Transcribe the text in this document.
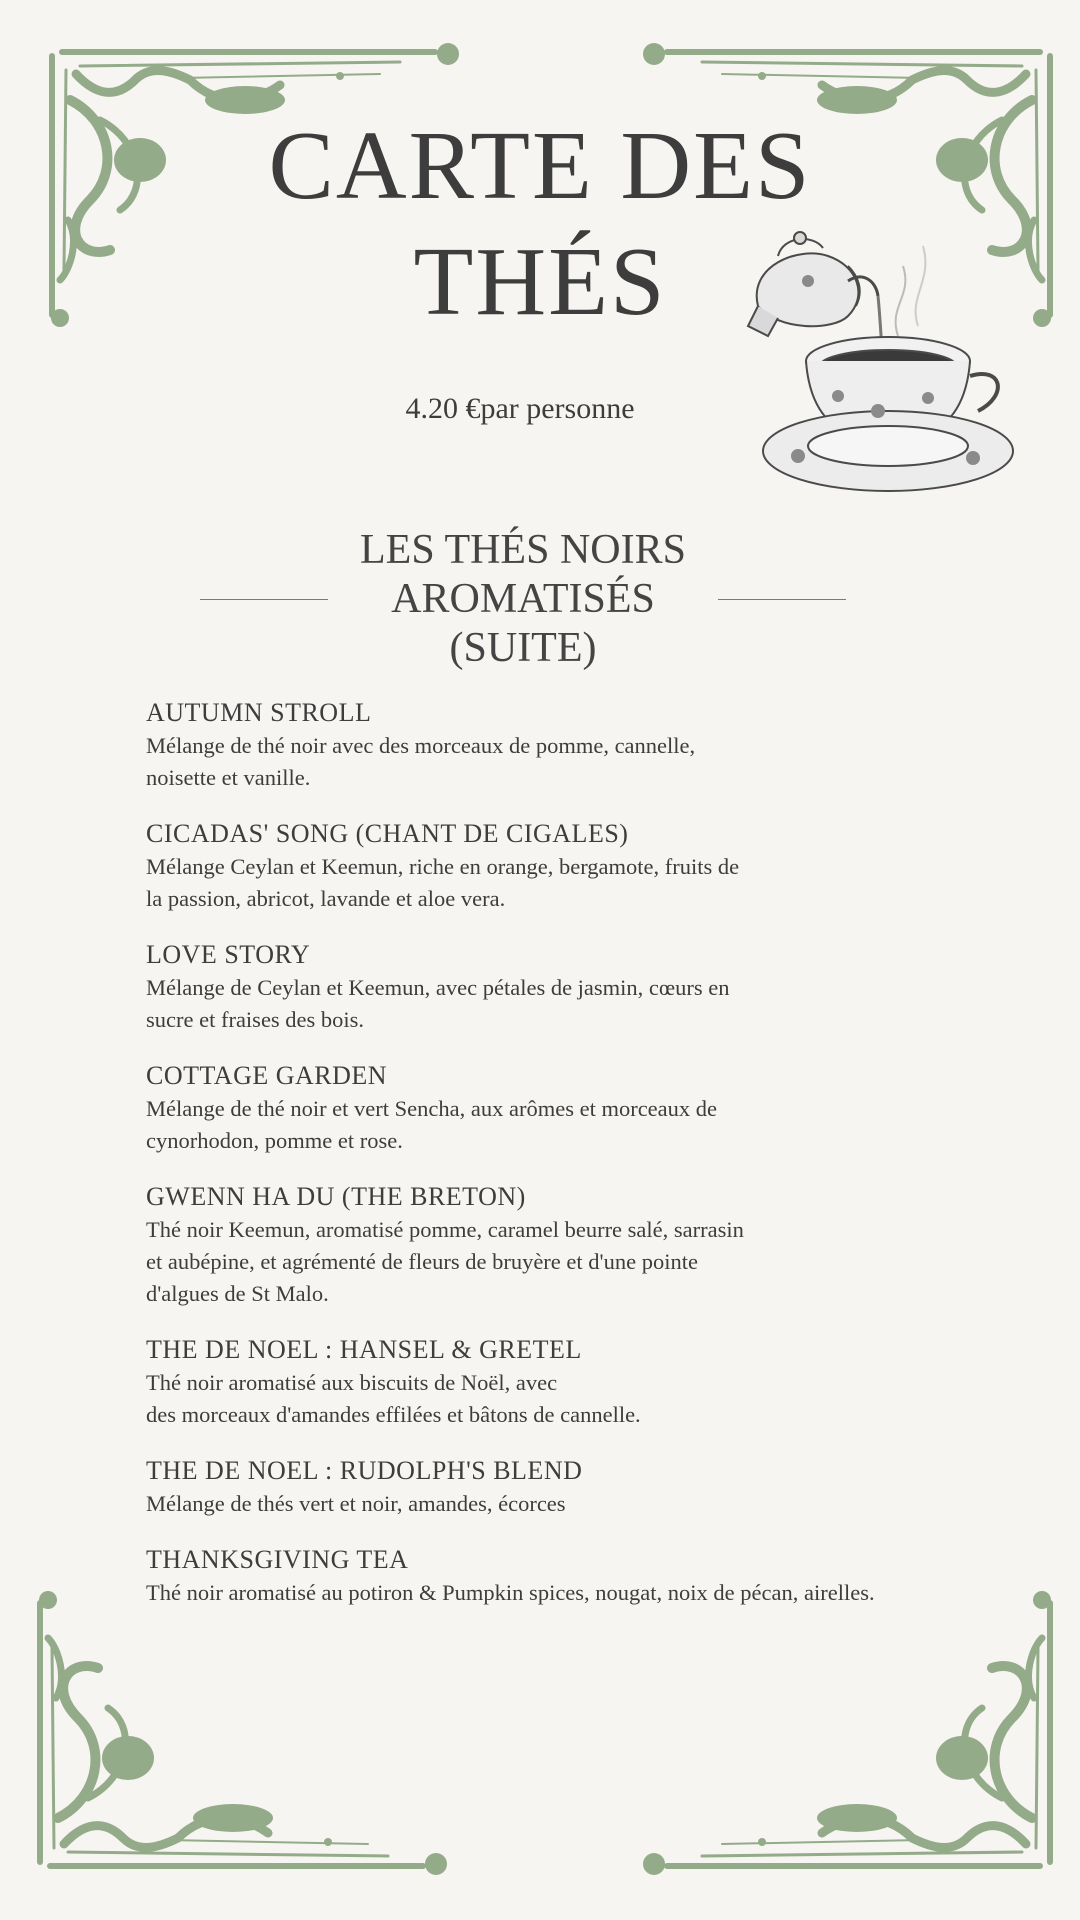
CARTE DES
THÉS
4.20 €par personne
LES THÉS NOIRS
AROMATISÉS
(SUITE)
AUTUMN STROLL
Mélange de thé noir avec des morceaux de pomme, cannelle,
noisette et vanille.
CICADAS' SONG (CHANT DE CIGALES)
Mélange Ceylan et Keemun, riche en orange, bergamote, fruits de
la passion, abricot, lavande et aloe vera.
LOVE STORY
Mélange de Ceylan et Keemun, avec pétales de jasmin, cœurs en
sucre et fraises des bois.
COTTAGE GARDEN
Mélange de thé noir et vert Sencha, aux arômes et morceaux de
cynorhodon, pomme et rose.
GWENN HA DU (THE BRETON)
Thé noir Keemun, aromatisé pomme, caramel beurre salé, sarrasin
et aubépine, et agrémenté de fleurs de bruyère et d'une pointe
d'algues de St Malo.
THE DE NOEL : HANSEL & GRETEL
Thé noir aromatisé aux biscuits de Noël, avec
des morceaux d'amandes effilées et bâtons de cannelle.
THE DE NOEL : RUDOLPH'S BLEND
Mélange de thés vert et noir, amandes, écorces
THANKSGIVING TEA
Thé noir aromatisé au potiron & Pumpkin spices, nougat, noix de pécan, airelles.
